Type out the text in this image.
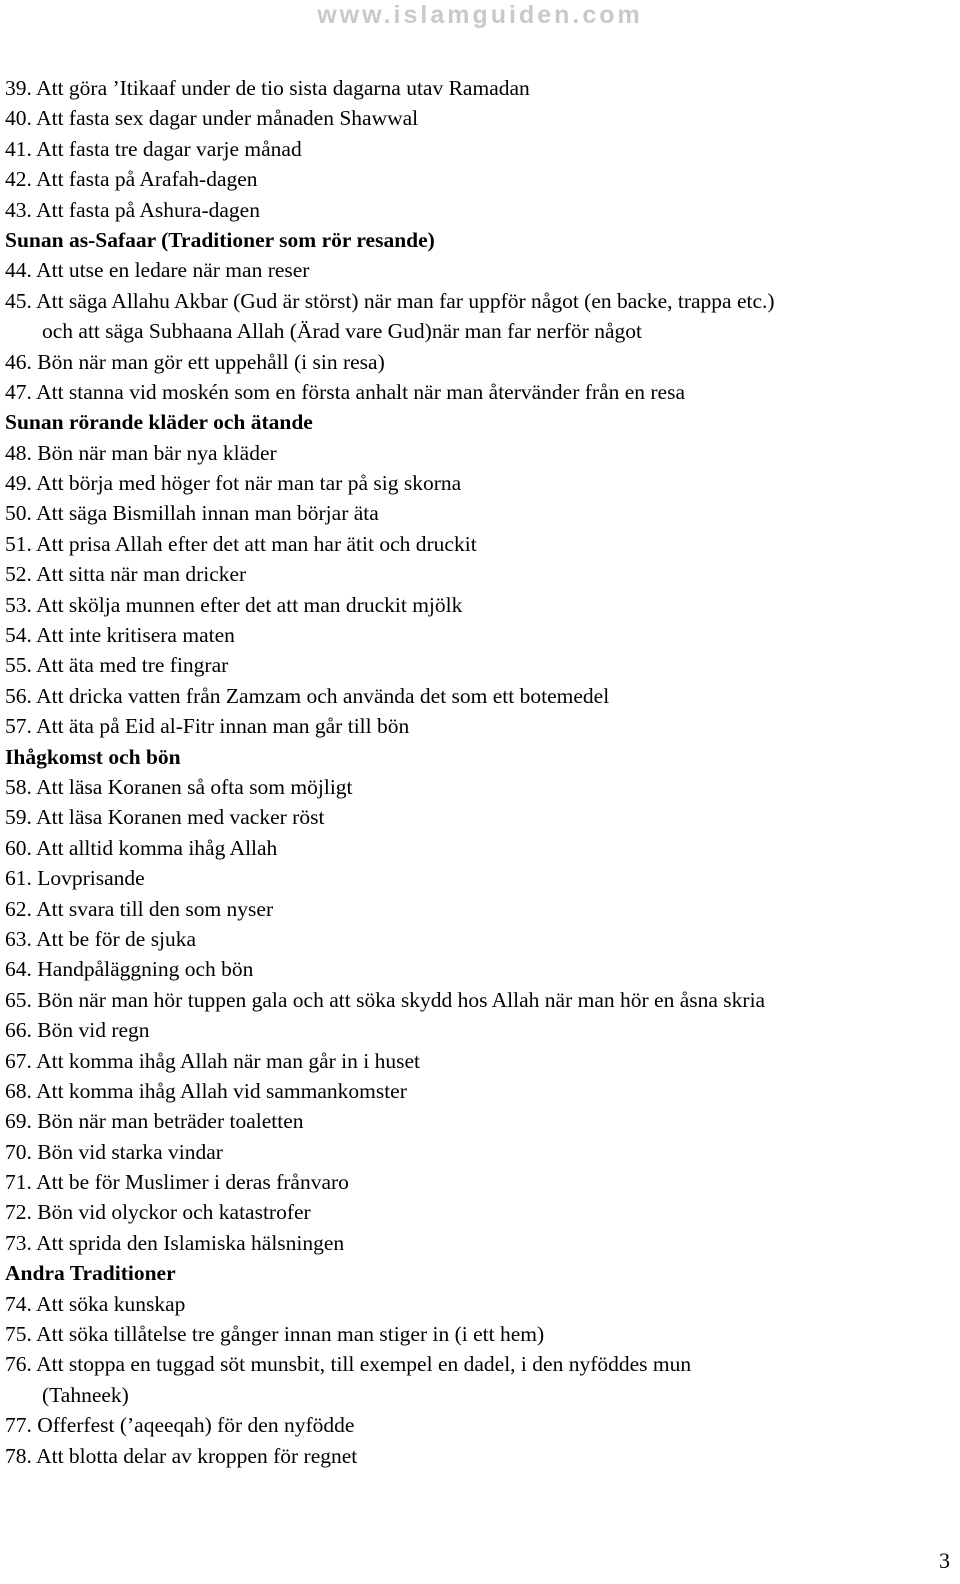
www.islamguiden.com
39. Att göra ’Itikaaf under de tio sista dagarna utav Ramadan
40. Att fasta sex dagar under månaden Shawwal
41. Att fasta tre dagar varje månad
42. Att fasta på Arafah-dagen
43. Att fasta på Ashura-dagen
Sunan as-Safaar (Traditioner som rör resande)
44. Att utse en ledare när man reser
45. Att säga Allahu Akbar (Gud är störst) när man far uppför något (en backe, trappa etc.)
och att säga Subhaana Allah (Ärad vare Gud)när man far nerför något
46. Bön när man gör ett uppehåll (i sin resa)
47. Att stanna vid moskén som en första anhalt när man återvänder från en resa
Sunan rörande kläder och ätande
48. Bön när man bär nya kläder
49. Att börja med höger fot när man tar på sig skorna
50. Att säga Bismillah innan man börjar äta
51. Att prisa Allah efter det att man har ätit och druckit
52. Att sitta när man dricker
53. Att skölja munnen efter det att man druckit mjölk
54. Att inte kritisera maten
55. Att äta med tre fingrar
56. Att dricka vatten från Zamzam och använda det som ett botemedel
57. Att äta på Eid al-Fitr innan man går till bön
Ihågkomst och bön
58. Att läsa Koranen så ofta som möjligt
59. Att läsa Koranen med vacker röst
60. Att alltid komma ihåg Allah
61. Lovprisande
62. Att svara till den som nyser
63. Att be för de sjuka
64. Handpåläggning och bön
65. Bön när man hör tuppen gala och att söka skydd hos Allah när man hör en åsna skria
66. Bön vid regn
67. Att komma ihåg Allah när man går in i huset
68. Att komma ihåg Allah vid sammankomster
69. Bön när man beträder toaletten
70. Bön vid starka vindar
71. Att be för Muslimer i deras frånvaro
72. Bön vid olyckor och katastrofer
73. Att sprida den Islamiska hälsningen
Andra Traditioner
74. Att söka kunskap
75. Att söka tillåtelse tre gånger innan man stiger in (i ett hem)
76. Att stoppa en tuggad söt munsbit, till exempel en dadel, i den nyföddes mun
(Tahneek)
77. Offerfest (’aqeeqah) för den nyfödde
78. Att blotta delar av kroppen för regnet
3
